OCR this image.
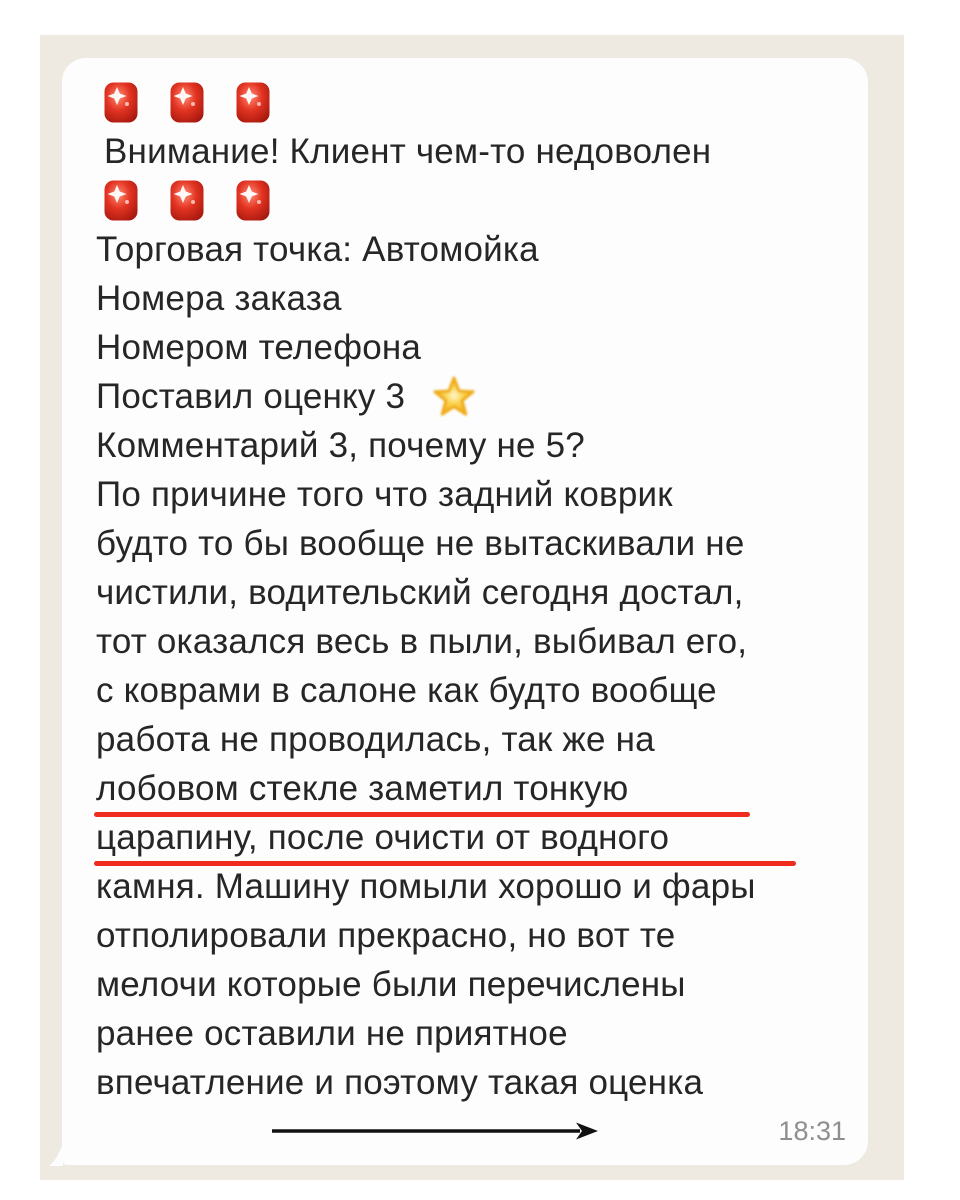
Внимание! Клиент чем-то недоволен
Торговая точка: Автомойка
Номера заказа
Номером телефона
Поставил оценку 3
Комментарий 3, почему не 5?
По причине того что задний коврик
будто то бы вообще не вытаскивали не
чистили, водительский сегодня достал,
тот оказался весь в пыли, выбивал его,
с коврами в салоне как будто вообще
работа не проводилась, так же на
лобовом стекле заметил тонкую
царапину, после очисти от водного
камня. Машину помыли хорошо и фары
отполировали прекрасно, но вот те
мелочи которые были перечислены
ранее оставили не приятное
впечатление и поэтому такая оценка
18:31
